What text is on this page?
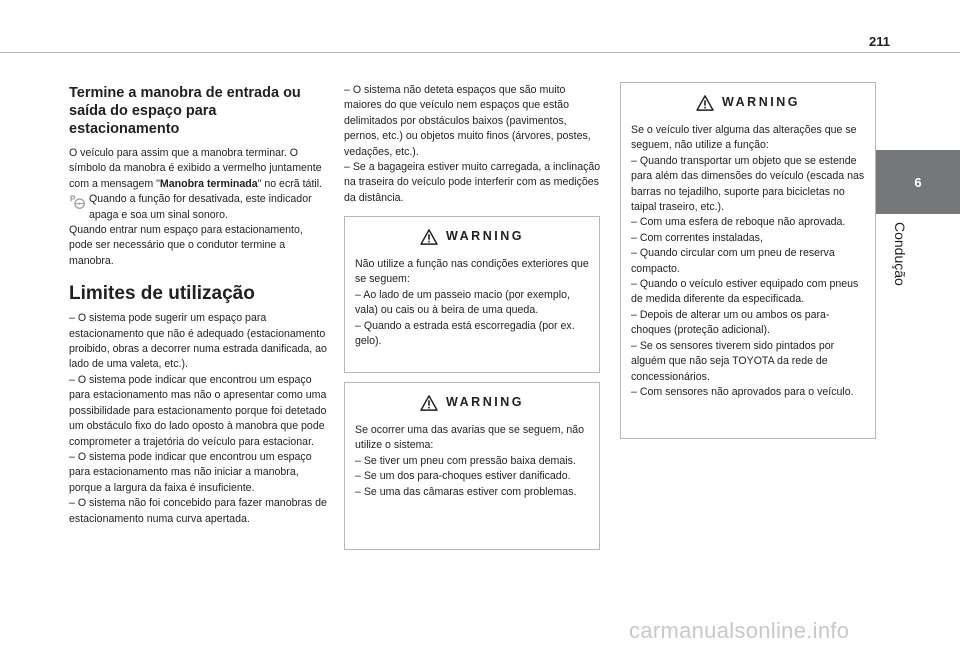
211
6
Condução
Termine a manobra de entrada ou saída do espaço para estacionamento

O veículo para assim que a manobra terminar. O símbolo da manobra é exibido a vermelho juntamente com a mensagem "Manobra terminada" no ecrã tátil.

P Quando a função for desativada, este indicador apaga e soa um sinal sonoro.

Quando entrar num espaço para estacionamento, pode ser necessário que o condutor termine a manobra.

Limites de utilização

– O sistema pode sugerir um espaço para estacionamento que não é adequado (estacionamento proibido, obras a decorrer numa estrada danificada, ao lado de uma valeta, etc.).

– O sistema pode indicar que encontrou um espaço para estacionamento mas não o apresentar como uma possibilidade para estacionamento porque foi detetado um obstáculo fixo do lado oposto à manobra que pode comprometer a trajetória do veículo para estacionar.

– O sistema pode indicar que encontrou um espaço para estacionamento mas não iniciar a manobra, porque a largura da faixa é insuficiente.

– O sistema não foi concebido para fazer manobras de estacionamento numa curva apertada.

– O sistema não deteta espaços que são muito maiores do que veículo nem espaços que estão delimitados por obstáculos baixos (pavimentos, pernos, etc.) ou objetos muito finos (árvores, postes, vedações, etc.).

– Se a bagageira estiver muito carregada, a inclinação na traseira do veículo pode interferir com as medições da distância.

WARNING

Não utilize a função nas condições exteriores que se seguem:

– Ao lado de um passeio macio (por exemplo, vala) ou cais ou à beira de uma queda.

– Quando a estrada está escorregadia (por ex. gelo).

WARNING

Se ocorrer uma das avarias que se seguem, não utilize o sistema:

– Se tiver um pneu com pressão baixa demais.

– Se um dos para-choques estiver danificado.

– Se uma das câmaras estiver com problemas.

WARNING

Se o veículo tiver alguma das alterações que se seguem, não utilize a função:

– Quando transportar um objeto que se estende para além das dimensões do veículo (escada nas barras no tejadilho, suporte para bicicletas no taipal traseiro, etc.).

– Com uma esfera de reboque não aprovada.

– Com correntes instaladas,

– Quando circular com um pneu de reserva compacto.

– Quando o veículo estiver equipado com pneus de medida diferente da especificada.

– Depois de alterar um ou ambos os para-choques (proteção adicional).

– Se os sensores tiverem sido pintados por alguém que não seja TOYOTA da rede de concessionários.

– Com sensores não aprovados para o veículo.

carmanualsonline.info
